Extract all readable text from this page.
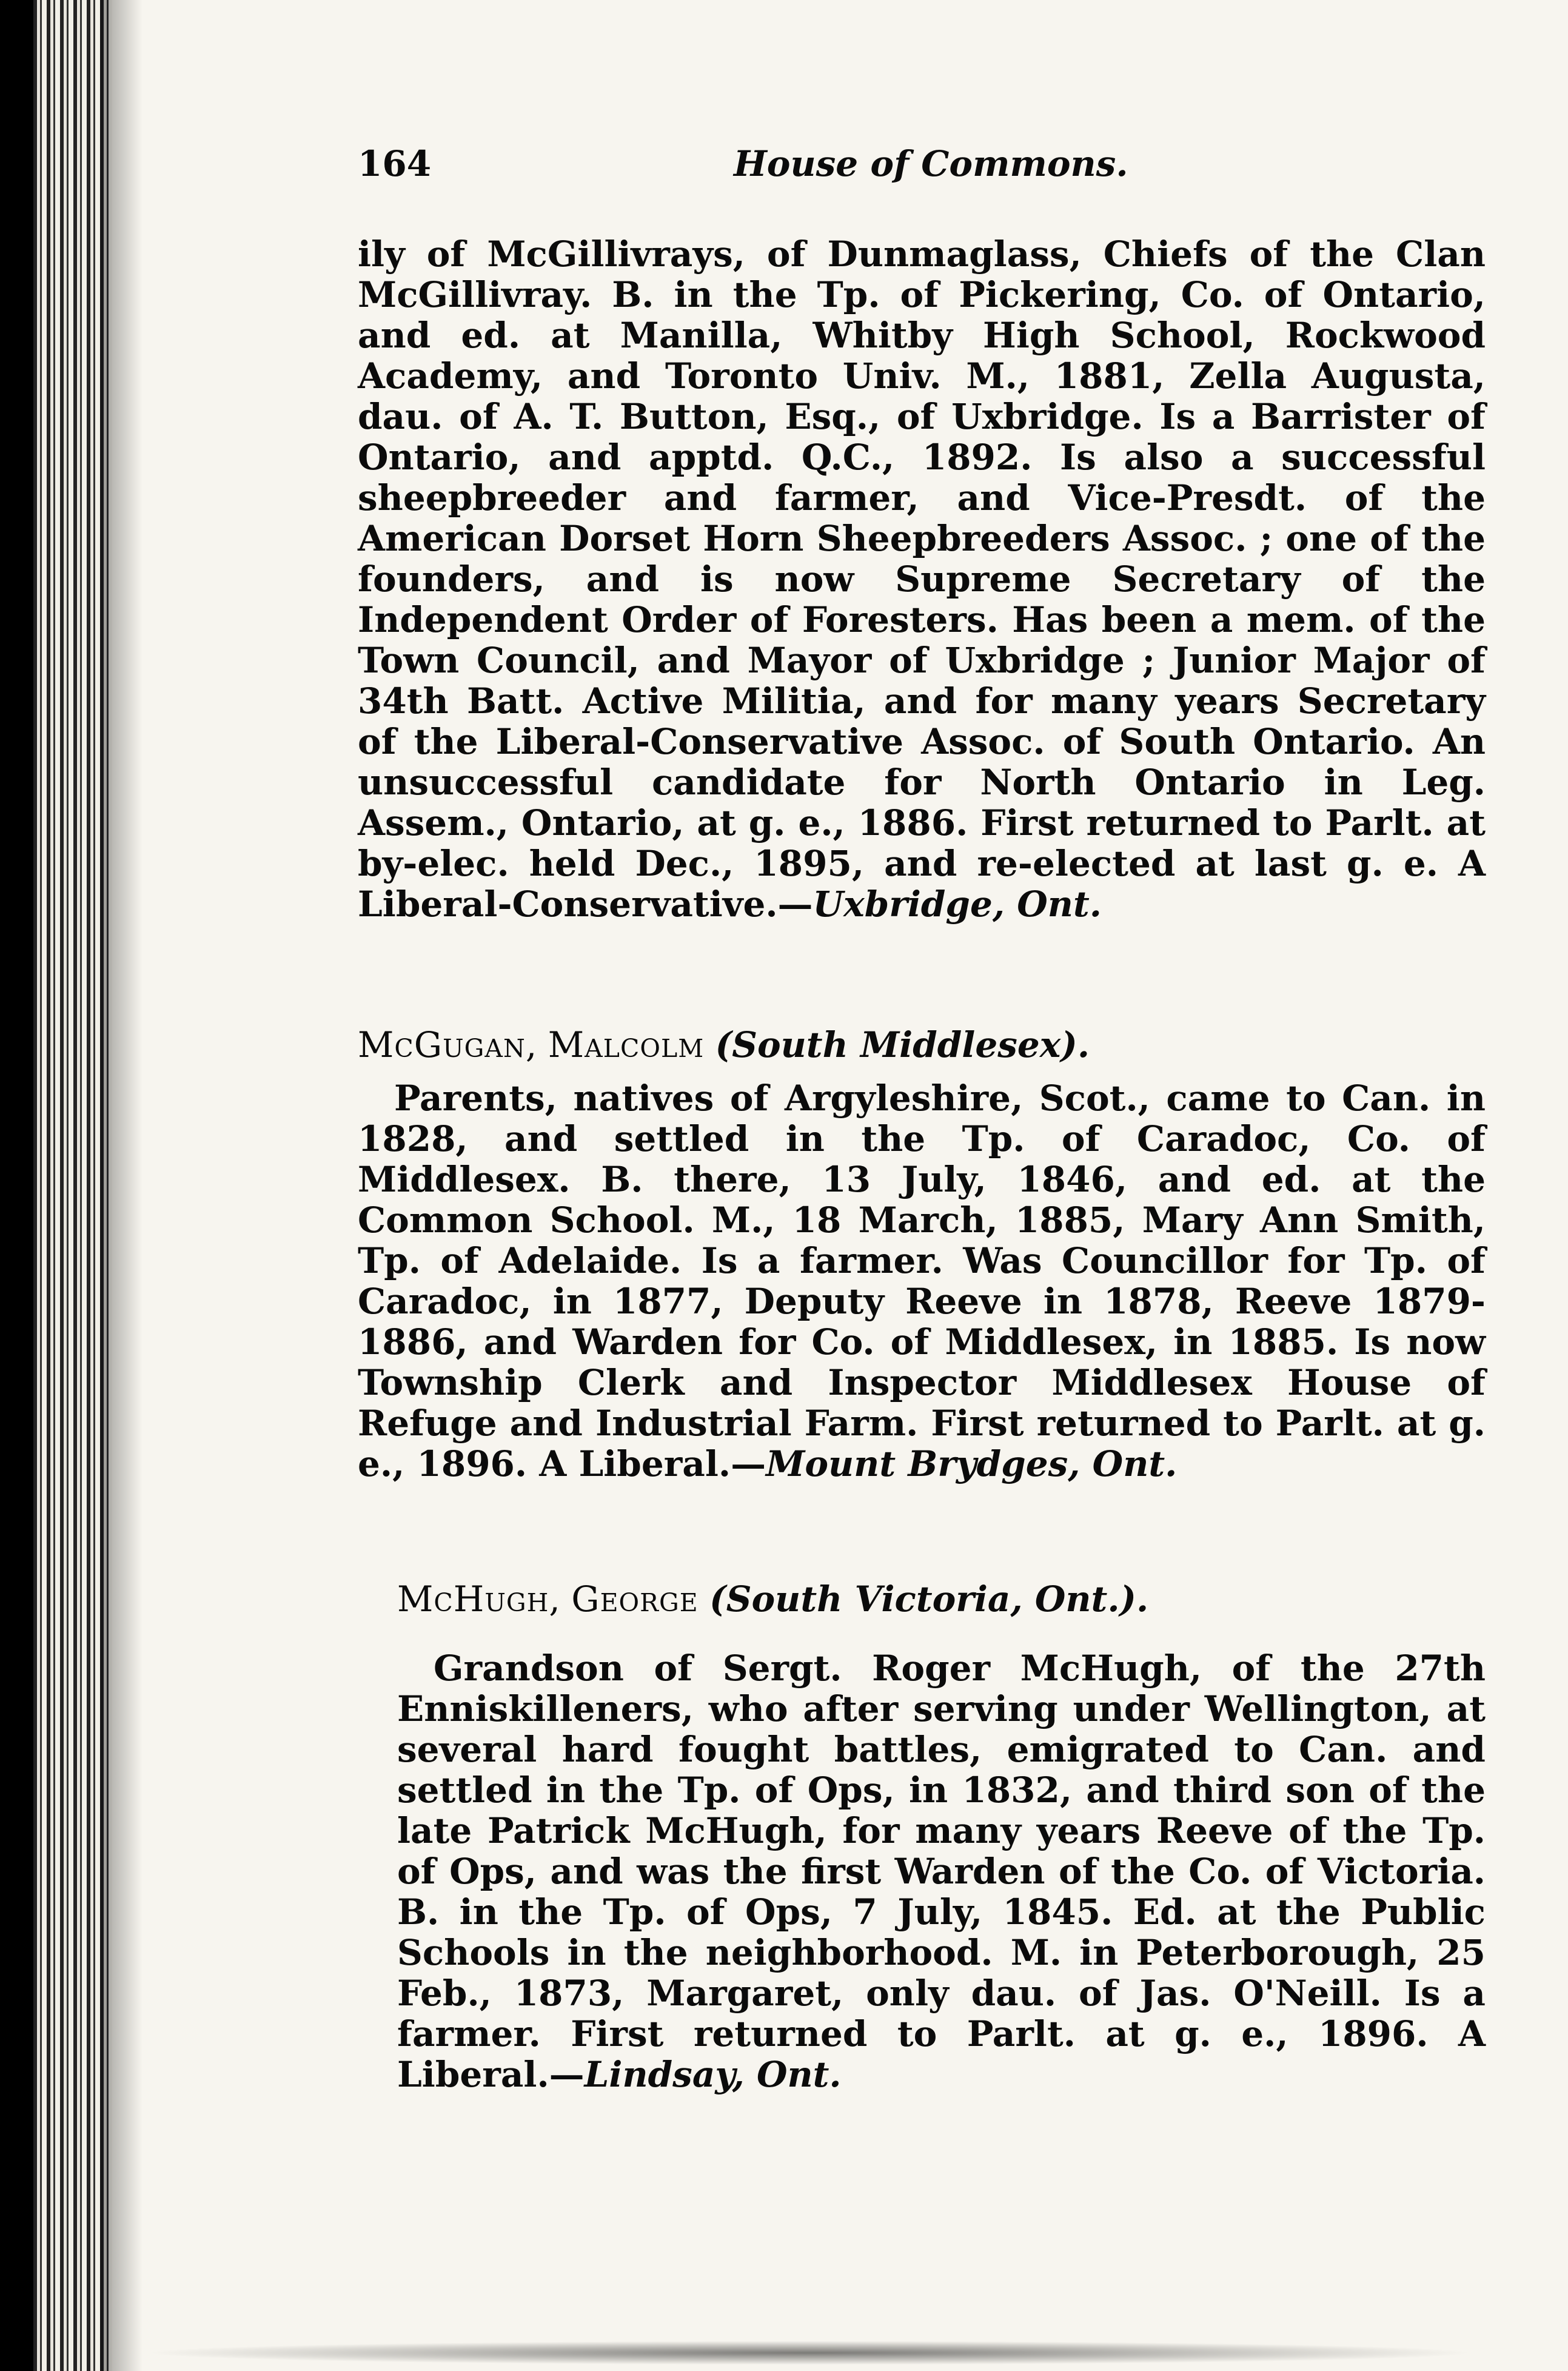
164	House of Commons.

ily of McGillivrays, of Dunmaglass, Chiefs of the Clan McGillivray. B. in the Tp. of Pickering, Co. of Ontario, and ed. at Manilla, Whitby High School, Rockwood Academy, and Toronto Univ. M., 1881, Zella Augusta, dau. of A. T. Button, Esq., of Uxbridge. Is a Barrister of Ontario, and apptd. Q.C., 1892. Is also a successful sheepbreeder and farmer, and Vice-Presdt. of the American Dorset Horn Sheepbreeders Assoc. ; one of the founders, and is now Supreme Secretary of the Independent Order of Foresters. Has been a mem. of the Town Council, and Mayor of Uxbridge ; Junior Major of 34th Batt. Active Militia, and for many years Secretary of the Liberal-Conservative Assoc. of South Ontario. An unsuccessful candidate for North Ontario in Leg. Assem., Ontario, at g. e., 1886. First returned to Parlt. at by-elec. held Dec., 1895, and re-elected at last g. e. A Liberal-Conservative.—Uxbridge, Ont.

McGugan, Malcolm (South Middlesex).

Parents, natives of Argyleshire, Scot., came to Can. in 1828, and settled in the Tp. of Caradoc, Co. of Middlesex. B. there, 13 July, 1846, and ed. at the Common School. M., 18 March, 1885, Mary Ann Smith, Tp. of Adelaide. Is a farmer. Was Councillor for Tp. of Caradoc, in 1877, Deputy Reeve in 1878, Reeve 1879-1886, and Warden for Co. of Middlesex, in 1885. Is now Township Clerk and Inspector Middlesex House of Refuge and Industrial Farm. First returned to Parlt. at g. e., 1896. A Liberal.—Mount Brydges, Ont.

McHugh, George (South Victoria, Ont.).

Grandson of Sergt. Roger McHugh, of the 27th Enniskilleners, who after serving under Wellington, at several hard fought battles, emigrated to Can. and settled in the Tp. of Ops, in 1832, and third son of the late Patrick McHugh, for many years Reeve of the Tp. of Ops, and was the first Warden of the Co. of Victoria. B. in the Tp. of Ops, 7 July, 1845. Ed. at the Public Schools in the neighborhood. M. in Peterborough, 25 Feb., 1873, Margaret, only dau. of Jas. O'Neill. Is a farmer. First returned to Parlt. at g. e., 1896. A Liberal.—Lindsay, Ont.
